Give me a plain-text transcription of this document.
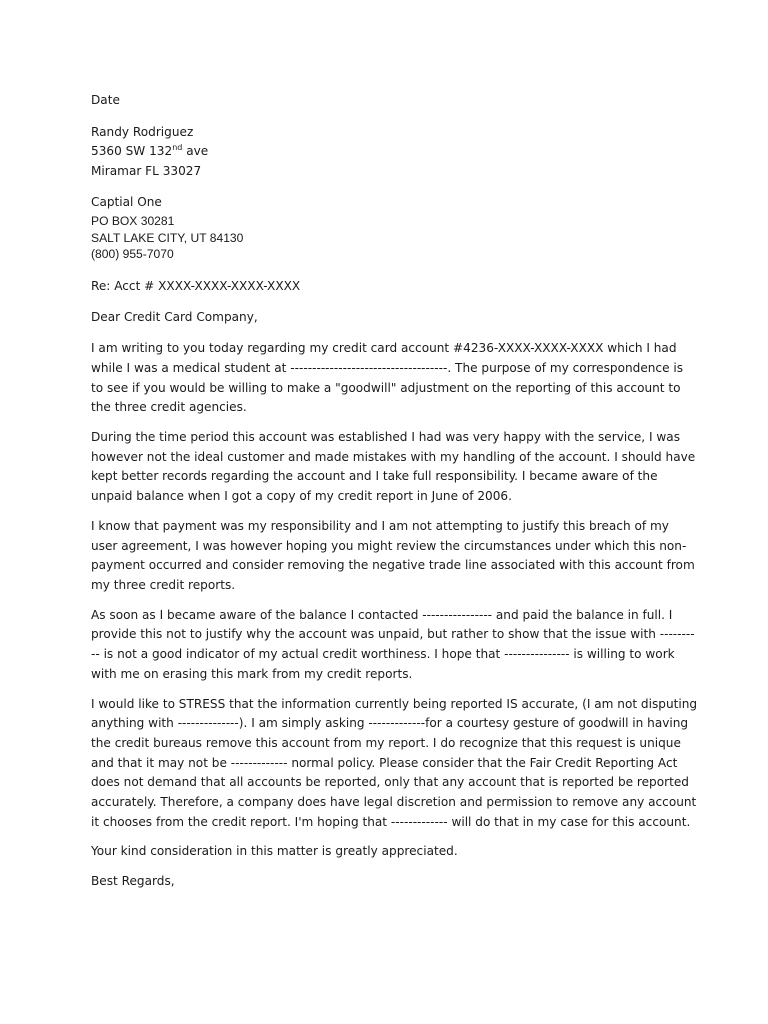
Date

Randy Rodriguez
5360 SW 132nd ave
Miramar FL 33027
Captial One
PO BOX 30281
SALT LAKE CITY, UT 84130
(800) 955-7070

Re: Acct # XXXX-XXXX-XXXX-XXXX

Dear Credit Card Company,

I am writing to you today regarding my credit card account #4236-XXXX-XXXX-XXXX which I had while I was a medical student at ------------------------------------. The purpose of my correspondence is to see if you would be willing to make a "goodwill" adjustment on the reporting of this account to the three credit agencies.

During the time period this account was established I had was very happy with the service, I was however not the ideal customer and made mistakes with my handling of the account. I should have kept better records regarding the account and I take full responsibility. I became aware of the unpaid balance when I got a copy of my credit report in June of 2006.

I know that payment was my responsibility and I am not attempting to justify this breach of my user agreement, I was however hoping you might review the circumstances under which this non-payment occurred and consider removing the negative trade line associated with this account from my three credit reports.

As soon as I became aware of the balance I contacted ---------------- and paid the balance in full. I provide this not to justify why the account was unpaid, but rather to show that the issue with ---------- is not a good indicator of my actual credit worthiness. I hope that --------------- is willing to work with me on erasing this mark from my credit reports.

I would like to STRESS that the information currently being reported IS accurate, (I am not disputing anything with --------------). I am simply asking -------------for a courtesy gesture of goodwill in having the credit bureaus remove this account from my report. I do recognize that this request is unique and that it may not be ------------- normal policy. Please consider that the Fair Credit Reporting Act does not demand that all accounts be reported, only that any account that is reported be reported accurately. Therefore, a company does have legal discretion and permission to remove any account it chooses from the credit report. I'm hoping that ------------- will do that in my case for this account.

Your kind consideration in this matter is greatly appreciated.

Best Regards,
